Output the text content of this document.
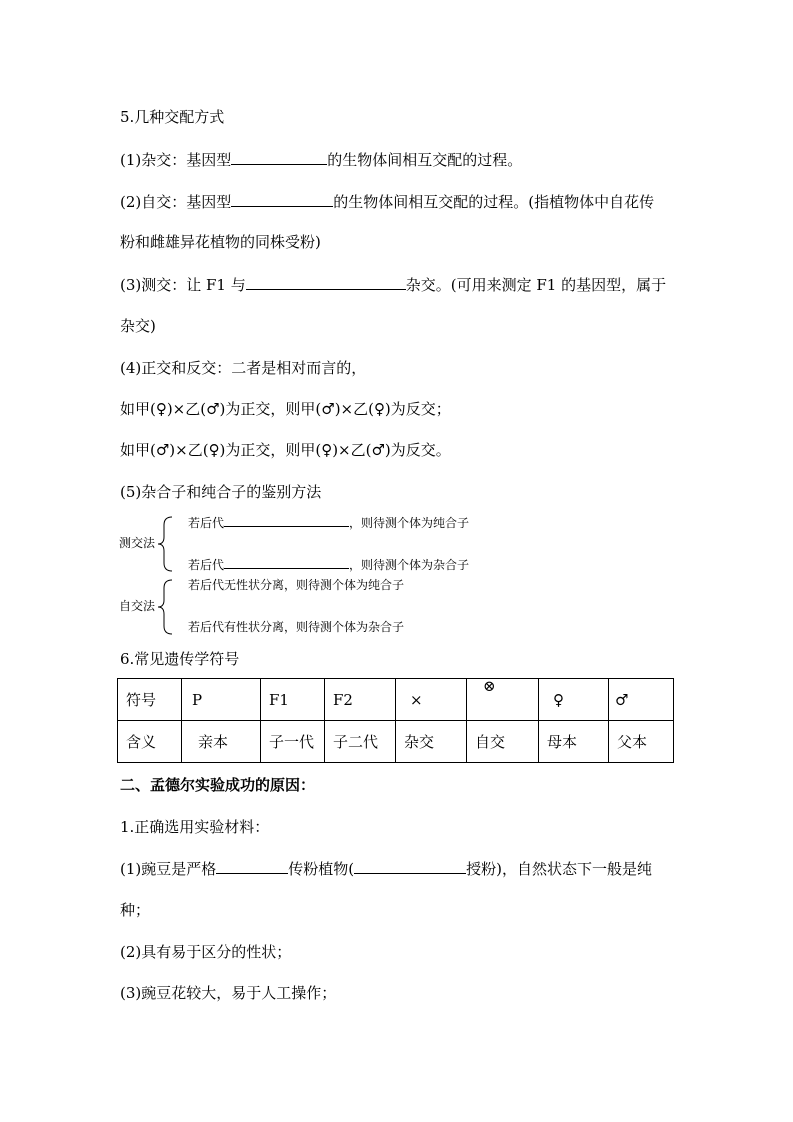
5.几种交配方式
(1)杂交：基因型	的生物体间相互交配的过程。
(2)自交：基因型	的生物体间相互交配的过程。(指植物体中自花传
粉和雌雄异花植物的同株受粉)
(3)测交：让 F1 与	杂交。(可用来测定 F1 的基因型，属于
杂交)
(4)正交和反交：二者是相对而言的，
如甲(♀)×乙(♂)为正交，则甲(♂)×乙(♀)为反交；
如甲(♂)×乙(♀)为正交，则甲(♀)×乙(♂)为反交。
(5)杂合子和纯合子的鉴别方法
测交法
若后代	，则待测个体为纯合子
若后代	，则待测个体为杂合子
自交法
若后代无性状分离，则待测个体为纯合子
若后代有性状分离，则待测个体为杂合子
6.常见遗传学符号
符号	P	F1	F2	×	⊗	♀	♂
含义	亲本	子一代	子二代	杂交	自交	母本	父本
二、孟德尔实验成功的原因：
1.正确选用实验材料：
(1)豌豆是严格	传粉植物(	授粉)，自然状态下一般是纯
种；
(2)具有易于区分的性状；
(3)豌豆花较大，易于人工操作；
